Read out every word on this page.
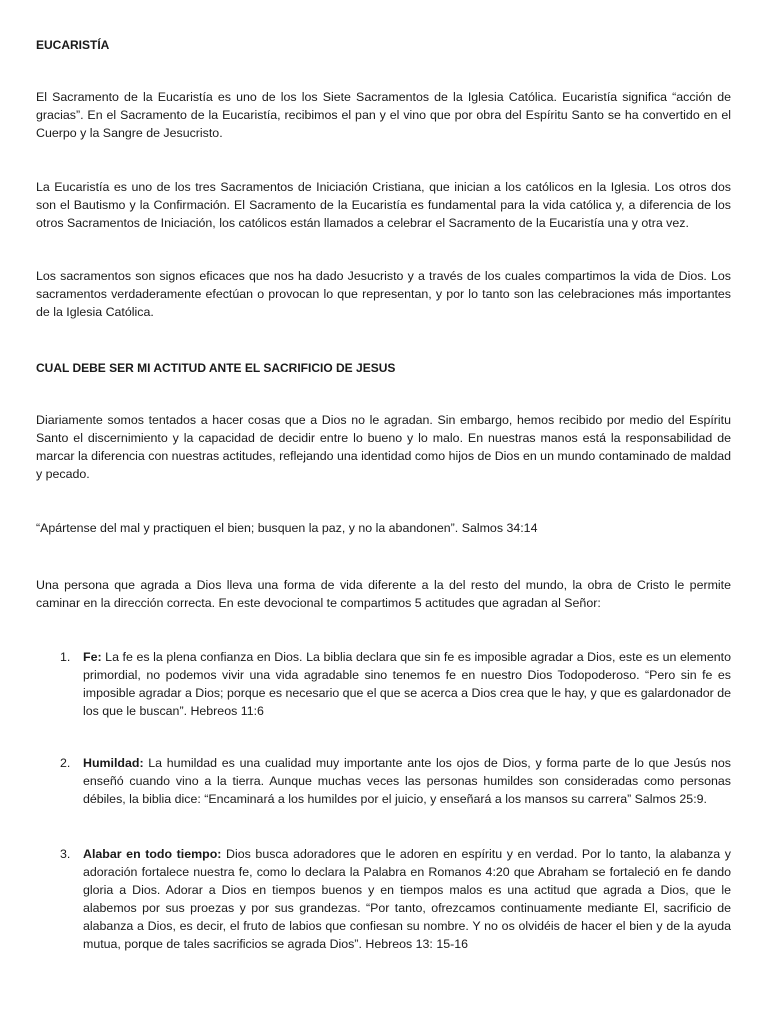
EUCARISTÍA

El Sacramento de la Eucaristía es uno de los los Siete Sacramentos de la Iglesia Católica. Eucaristía significa “acción de gracias”. En el Sacramento de la Eucaristía, recibimos el pan y el vino que por obra del Espíritu Santo se ha convertido en el Cuerpo y la Sangre de Jesucristo.

La Eucaristía es uno de los tres Sacramentos de Iniciación Cristiana, que inician a los católicos en la Iglesia. Los otros dos son el Bautismo y la Confirmación. El Sacramento de la Eucaristía es fundamental para la vida católica y, a diferencia de los otros Sacramentos de Iniciación, los católicos están llamados a celebrar el Sacramento de la Eucaristía una y otra vez.

Los sacramentos son signos eficaces que nos ha dado Jesucristo y a través de los cuales compartimos la vida de Dios. Los sacramentos verdaderamente efectúan o provocan lo que representan, y por lo tanto son las celebraciones más importantes de la Iglesia Católica.

CUAL DEBE SER MI ACTITUD ANTE EL SACRIFICIO DE JESUS

Diariamente somos tentados a hacer cosas que a Dios no le agradan. Sin embargo, hemos recibido por medio del Espíritu Santo el discernimiento y la capacidad de decidir entre lo bueno y lo malo. En nuestras manos está la responsabilidad de marcar la diferencia con nuestras actitudes, reflejando una identidad como hijos de Dios en un mundo contaminado de maldad y pecado.

“Apártense del mal y practiquen el bien; busquen la paz, y no la abandonen”. Salmos 34:14

Una persona que agrada a Dios lleva una forma de vida diferente a la del resto del mundo, la obra de Cristo le permite caminar en la dirección correcta. En este devocional te compartimos 5 actitudes que agradan al Señor:

1. Fe: La fe es la plena confianza en Dios. La biblia declara que sin fe es imposible agradar a Dios, este es un elemento primordial, no podemos vivir una vida agradable sino tenemos fe en nuestro Dios Todopoderoso. “Pero sin fe es imposible agradar a Dios; porque es necesario que el que se acerca a Dios crea que le hay, y que es galardonador de los que le buscan”. Hebreos 11:6

2. Humildad: La humildad es una cualidad muy importante ante los ojos de Dios, y forma parte de lo que Jesús nos enseñó cuando vino a la tierra. Aunque muchas veces las personas humildes son consideradas como personas débiles, la biblia dice: “Encaminará a los humildes por el juicio, y enseñará a los mansos su carrera” Salmos 25:9.

3. Alabar en todo tiempo: Dios busca adoradores que le adoren en espíritu y en verdad. Por lo tanto, la alabanza y adoración fortalece nuestra fe, como lo declara la Palabra en Romanos 4:20 que Abraham se fortaleció en fe dando gloria a Dios. Adorar a Dios en tiempos buenos y en tiempos malos es una actitud que agrada a Dios, que le alabemos por sus proezas y por sus grandezas. “Por tanto, ofrezcamos continuamente mediante El, sacrificio de alabanza a Dios, es decir, el fruto de labios que confiesan su nombre. Y no os olvidéis de hacer el bien y de la ayuda mutua, porque de tales sacrificios se agrada Dios”. Hebreos 13: 15-16
